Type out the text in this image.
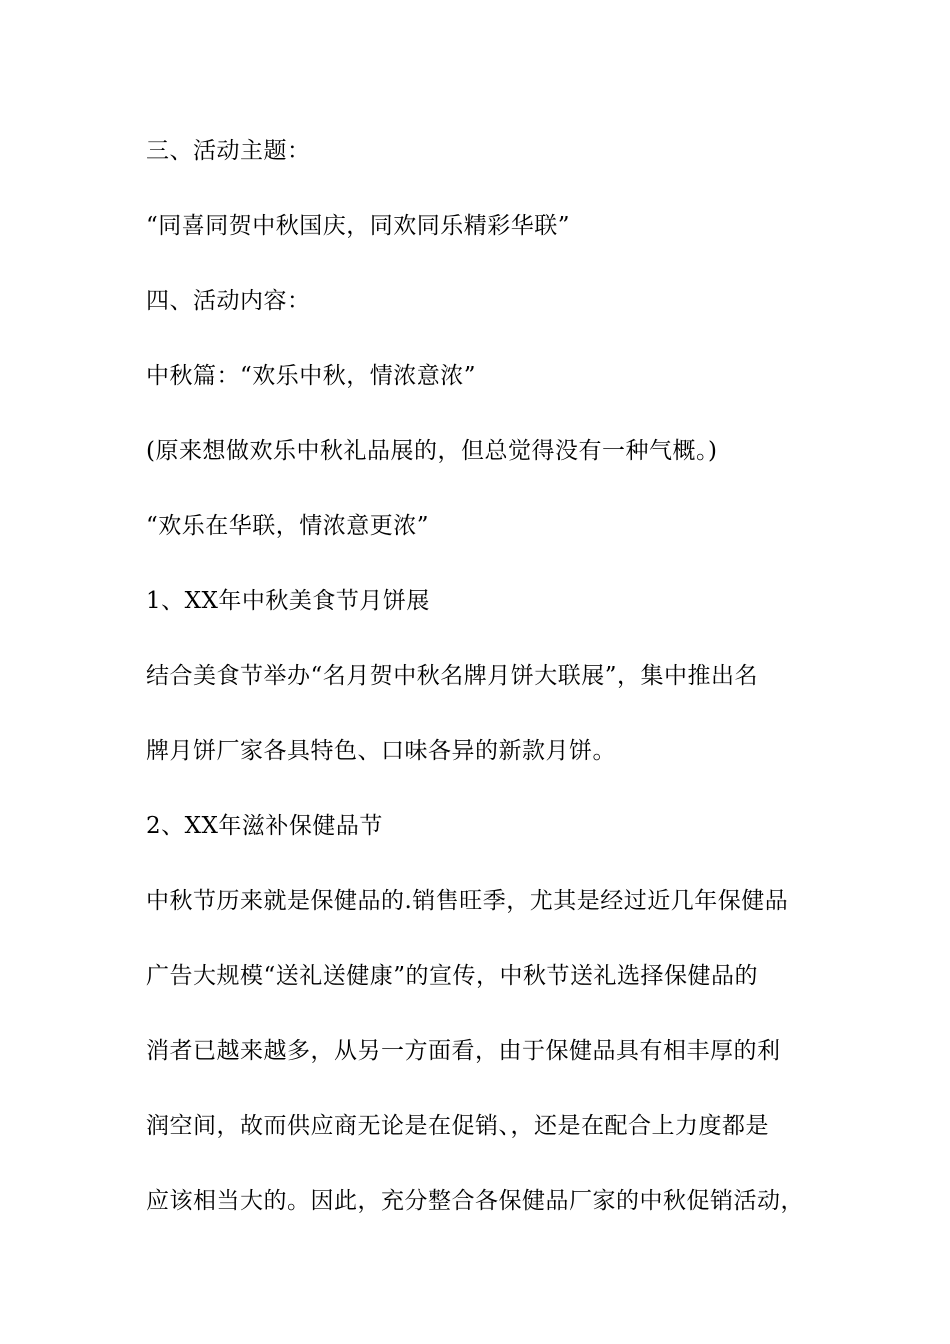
三、活动主题：
“同喜同贺中秋国庆，同欢同乐精彩华联”
四、活动内容：
中秋篇：“欢乐中秋，情浓意浓”
(原来想做欢乐中秋礼品展的，但总觉得没有一种气概。)
“欢乐在华联，情浓意更浓”
1、XX年中秋美食节月饼展
结合美食节举办“名月贺中秋名牌月饼大联展”，集中推出名
牌月饼厂家各具特色、口味各异的新款月饼。
2、XX年滋补保健品节
中秋节历来就是保健品的.销售旺季，尤其是经过近几年保健品
广告大规模“送礼送健康”的宣传，中秋节送礼选择保健品的
消者已越来越多，从另一方面看，由于保健品具有相丰厚的利
润空间，故而供应商无论是在促销、，还是在配合上力度都是
应该相当大的。因此，充分整合各保健品厂家的中秋促销活动，
